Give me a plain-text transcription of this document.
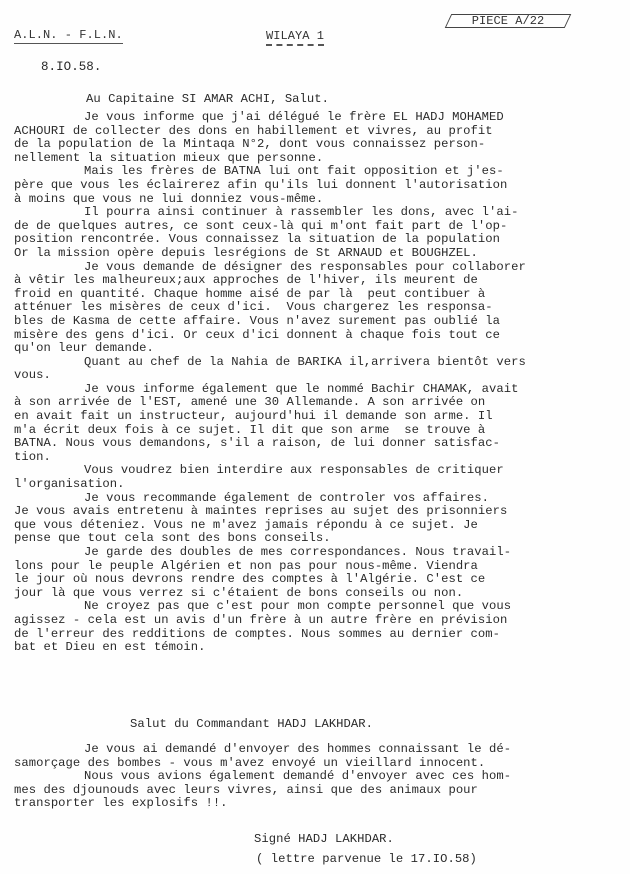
A.L.N. - F.L.N.	WILAYA 1
PIECE A/22
8.IO.58.
Au Capitaine SI AMAR ACHI, Salut.
Je vous informe que j'ai délégué le frère EL HADJ MOHAMED
ACHOURI de collecter des dons en habillement et vivres, au profit
de la population de la Mintaqa N°2, dont vous connaissez person-
nellement la situation mieux que personne.
Mais les frères de BATNA lui ont fait opposition et j'es-
père que vous les éclairerez afin qu'ils lui donnent l'autorisation
à moins que vous ne lui donniez vous-même.
Il pourra ainsi continuer à rassembler les dons, avec l'ai-
de de quelques autres, ce sont ceux-là qui m'ont fait part de l'op-
position rencontrée. Vous connaissez la situation de la population
Or la mission opère depuis lesrégions de St ARNAUD et BOUGHZEL.
Je vous demande de désigner des responsables pour collaborer
à vêtir les malheureux;aux approches de l'hiver, ils meurent de
froid en quantité. Chaque homme aisé de par là  peut contibuer à
atténuer les misères de ceux d'ici.  Vous chargerez les responsa-
bles de Kasma de cette affaire. Vous n'avez surement pas oublié la
misère des gens d'ici. Or ceux d'ici donnent à chaque fois tout ce
qu'on leur demande.
Quant au chef de la Nahia de BARIKA il,arrivera bientôt vers
vous.
Je vous informe également que le nommé Bachir CHAMAK, avait
à son arrivée de l'EST, amené une 30 Allemande. A son arrivée on
en avait fait un instructeur, aujourd'hui il demande son arme. Il
m'a écrit deux fois à ce sujet. Il dit que son arme  se trouve à
BATNA. Nous vous demandons, s'il a raison, de lui donner satisfac-
tion.
Vous voudrez bien interdire aux responsables de critiquer
l'organisation.
Je vous recommande également de controler vos affaires.
Je vous avais entretenu à maintes reprises au sujet des prisonniers
que vous déteniez. Vous ne m'avez jamais répondu à ce sujet. Je
pense que tout cela sont des bons conseils.
Je garde des doubles de mes correspondances. Nous travail-
lons pour le peuple Algérien et non pas pour nous-même. Viendra
le jour où nous devrons rendre des comptes à l'Algérie. C'est ce
jour là que vous verrez si c'étaient de bons conseils ou non.
Ne croyez pas que c'est pour mon compte personnel que vous
agissez - cela est un avis d'un frère à un autre frère en prévision
de l'erreur des redditions de comptes. Nous sommes au dernier com-
bat et Dieu en est témoin.
Salut du Commandant HADJ LAKHDAR.
Je vous ai demandé d'envoyer des hommes connaissant le dé-
samorçage des bombes - vous m'avez envoyé un vieillard innocent.
Nous vous avions également demandé d'envoyer avec ces hom-
mes des djounouds avec leurs vivres, ainsi que des animaux pour
transporter les explosifs !!.
Signé HADJ LAKHDAR.
( lettre parvenue le 17.IO.58)
